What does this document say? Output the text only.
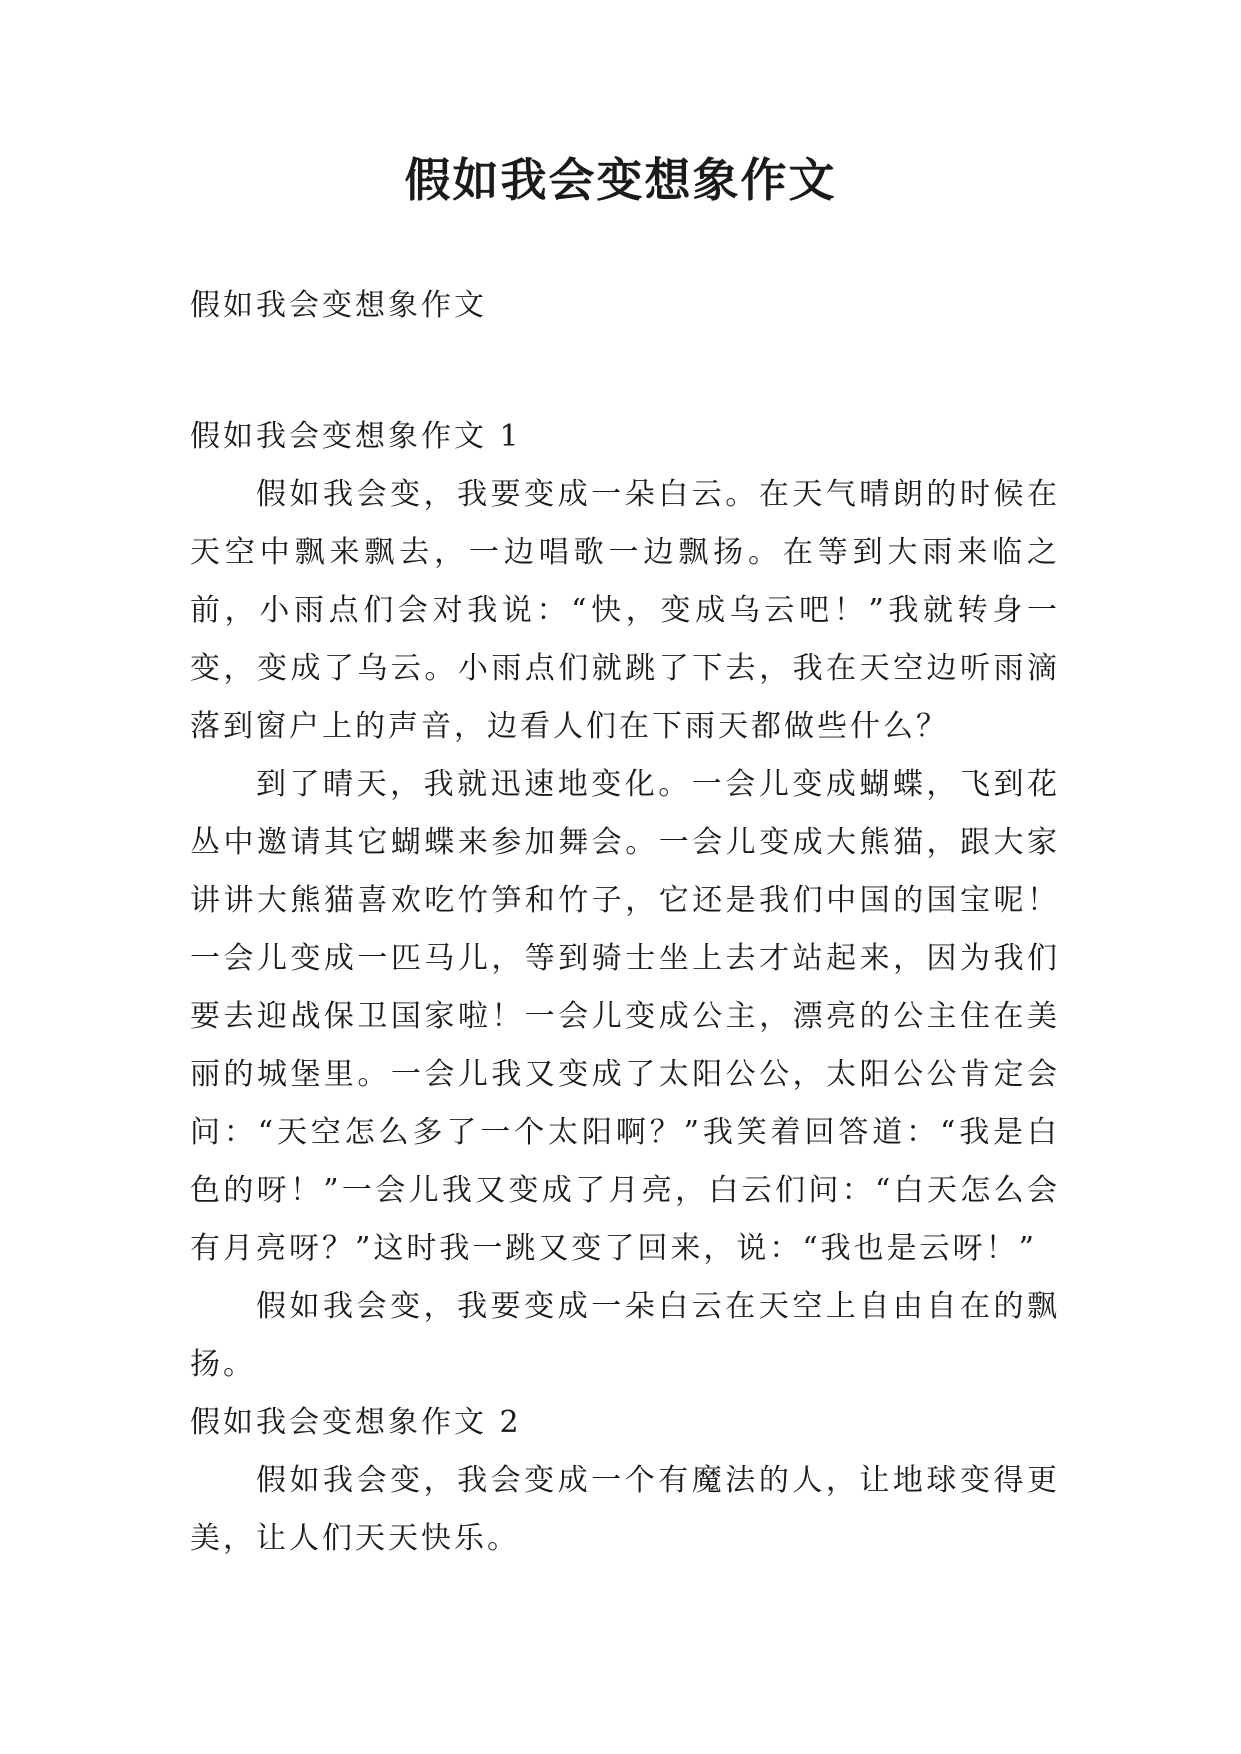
假如我会变想象作文

假如我会变想象作文

假如我会变想象作文 1

假如我会变，我要变成一朵白云。在天气晴朗的时候在天空中飘来飘去，一边唱歌一边飘扬。在等到大雨来临之前，小雨点们会对我说：“快，变成乌云吧！”我就转身一变，变成了乌云。小雨点们就跳了下去，我在天空边听雨滴落到窗户上的声音，边看人们在下雨天都做些什么？

到了晴天，我就迅速地变化。一会儿变成蝴蝶，飞到花丛中邀请其它蝴蝶来参加舞会。一会儿变成大熊猫，跟大家讲讲大熊猫喜欢吃竹笋和竹子，它还是我们中国的国宝呢！一会儿变成一匹马儿，等到骑士坐上去才站起来，因为我们要去迎战保卫国家啦！一会儿变成公主，漂亮的公主住在美丽的城堡里。一会儿我又变成了太阳公公，太阳公公肯定会问：“天空怎么多了一个太阳啊？”我笑着回答道：“我是白色的呀！”一会儿我又变成了月亮，白云们问：“白天怎么会有月亮呀？”这时我一跳又变了回来，说：“我也是云呀！”

假如我会变，我要变成一朵白云在天空上自由自在的飘扬。

假如我会变想象作文 2

假如我会变，我会变成一个有魔法的人，让地球变得更美，让人们天天快乐。
